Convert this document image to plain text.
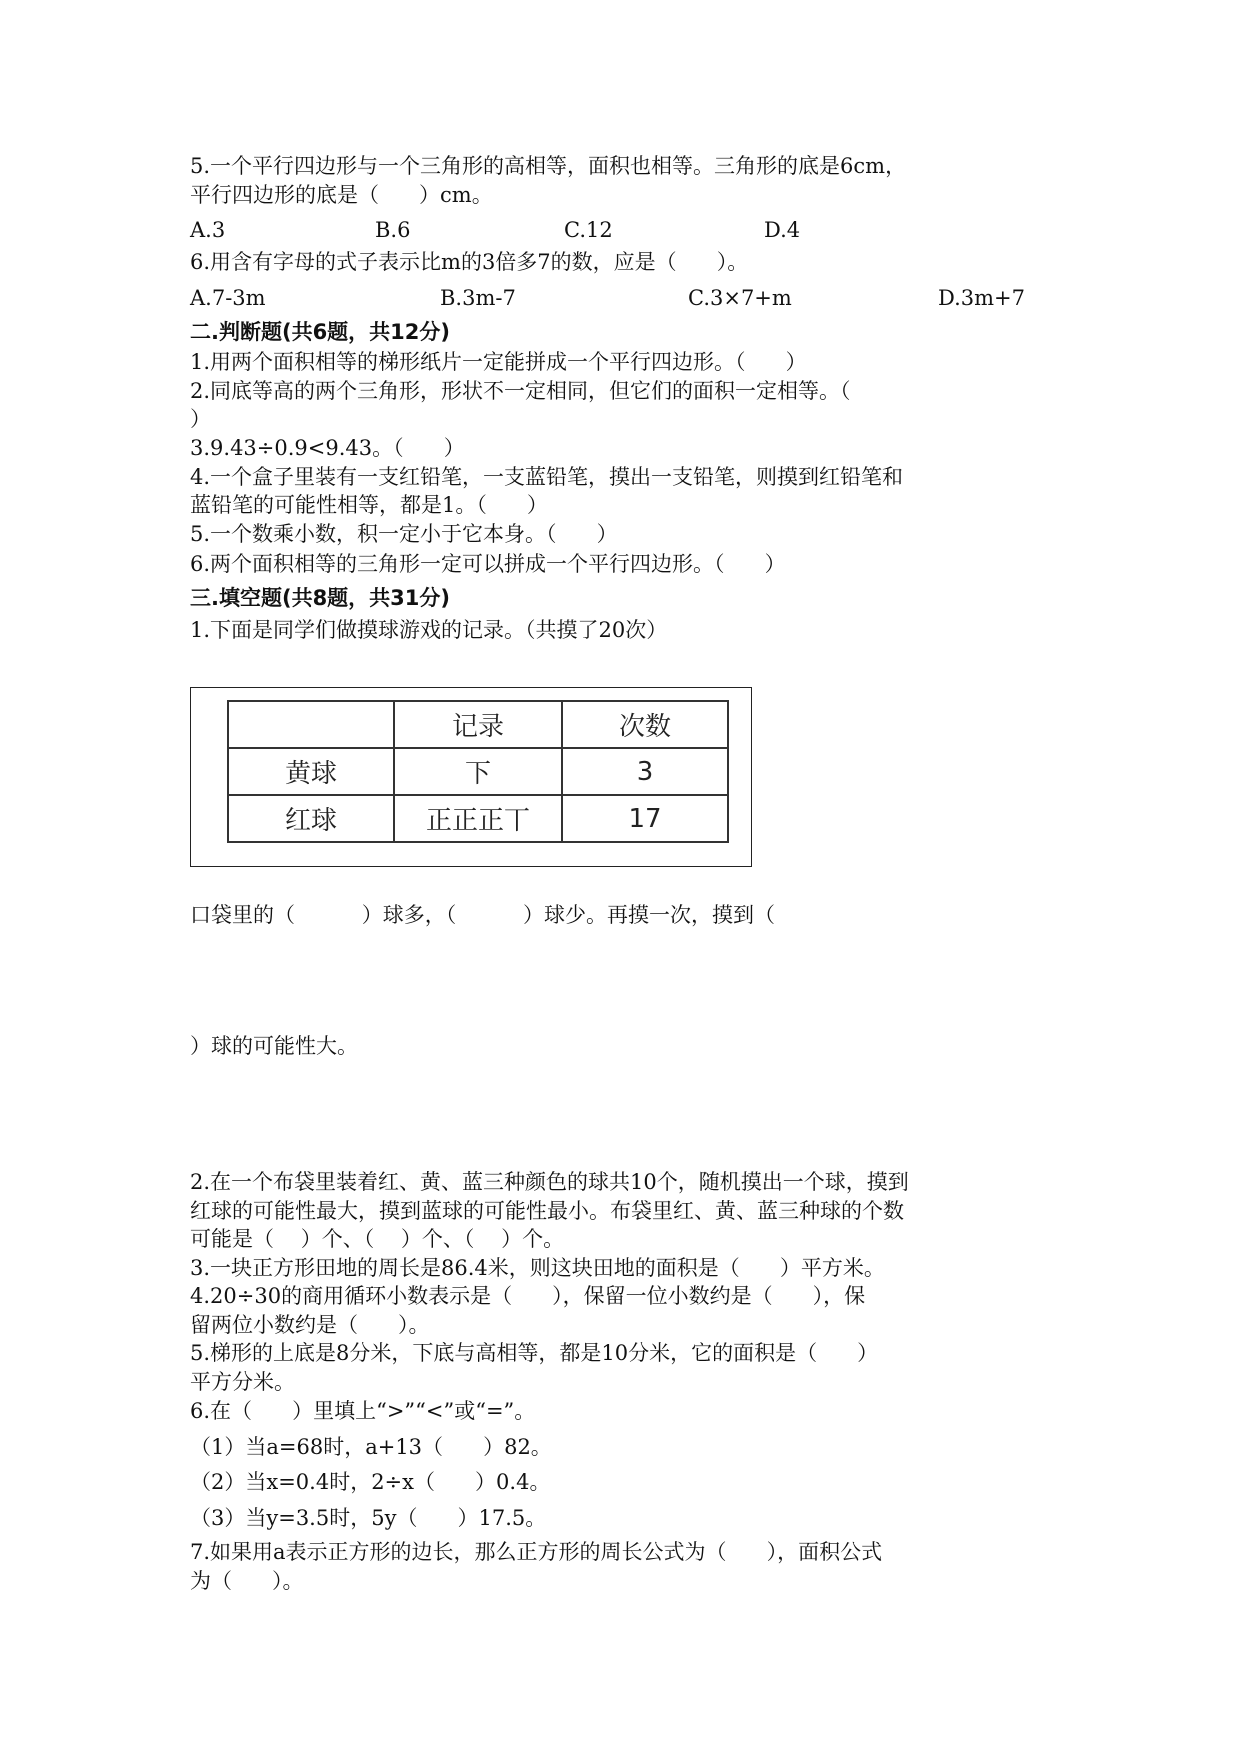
5.一个平行四边形与一个三角形的高相等，面积也相等。三角形的底是6cm，
平行四边形的底是（      ）cm。
A.3	B.6	C.12	D.4
6.用含有字母的式子表示比m的3倍多7的数，应是（      ）。
A.7-3m	B.3m-7	C.3×7+m	D.3m+7
二.判断题(共6题，共12分)
1.用两个面积相等的梯形纸片一定能拼成一个平行四边形。（      ）
2.同底等高的两个三角形，形状不一定相同，但它们的面积一定相等。（
）
3.9.43÷0.9<9.43。（      ）
4.一个盒子里装有一支红铅笔，一支蓝铅笔，摸出一支铅笔，则摸到红铅笔和
蓝铅笔的可能性相等，都是1。（      ）
5.一个数乘小数，积一定小于它本身。（      ）
6.两个面积相等的三角形一定可以拼成一个平行四边形。（      ）
三.填空题(共8题，共31分)
1.下面是同学们做摸球游戏的记录。（共摸了20次）
	记录	次数
黄球	下	3
红球	正正正丅	17
口袋里的（          ）球多，（          ）球少。再摸一次，摸到（
）球的可能性大。
2.在一个布袋里装着红、黄、蓝三种颜色的球共10个，随机摸出一个球，摸到
红球的可能性最大，摸到蓝球的可能性最小。布袋里红、黄、蓝三种球的个数
可能是（    ）个、（    ）个、（    ）个。
3.一块正方形田地的周长是86.4米，则这块田地的面积是（      ）平方米。
4.20÷30的商用循环小数表示是（      ），保留一位小数约是（      ），保
留两位小数约是（      ）。
5.梯形的上底是8分米，下底与高相等，都是10分米，它的面积是（      ）
平方分米。
6.在（      ）里填上“>”“<”或“=”。
（1）当a=68时，a+13（      ）82。
（2）当x=0.4时，2÷x（      ）0.4。
（3）当y=3.5时，5y（      ）17.5。
7.如果用a表示正方形的边长，那么正方形的周长公式为（      ），面积公式
为（      ）。
